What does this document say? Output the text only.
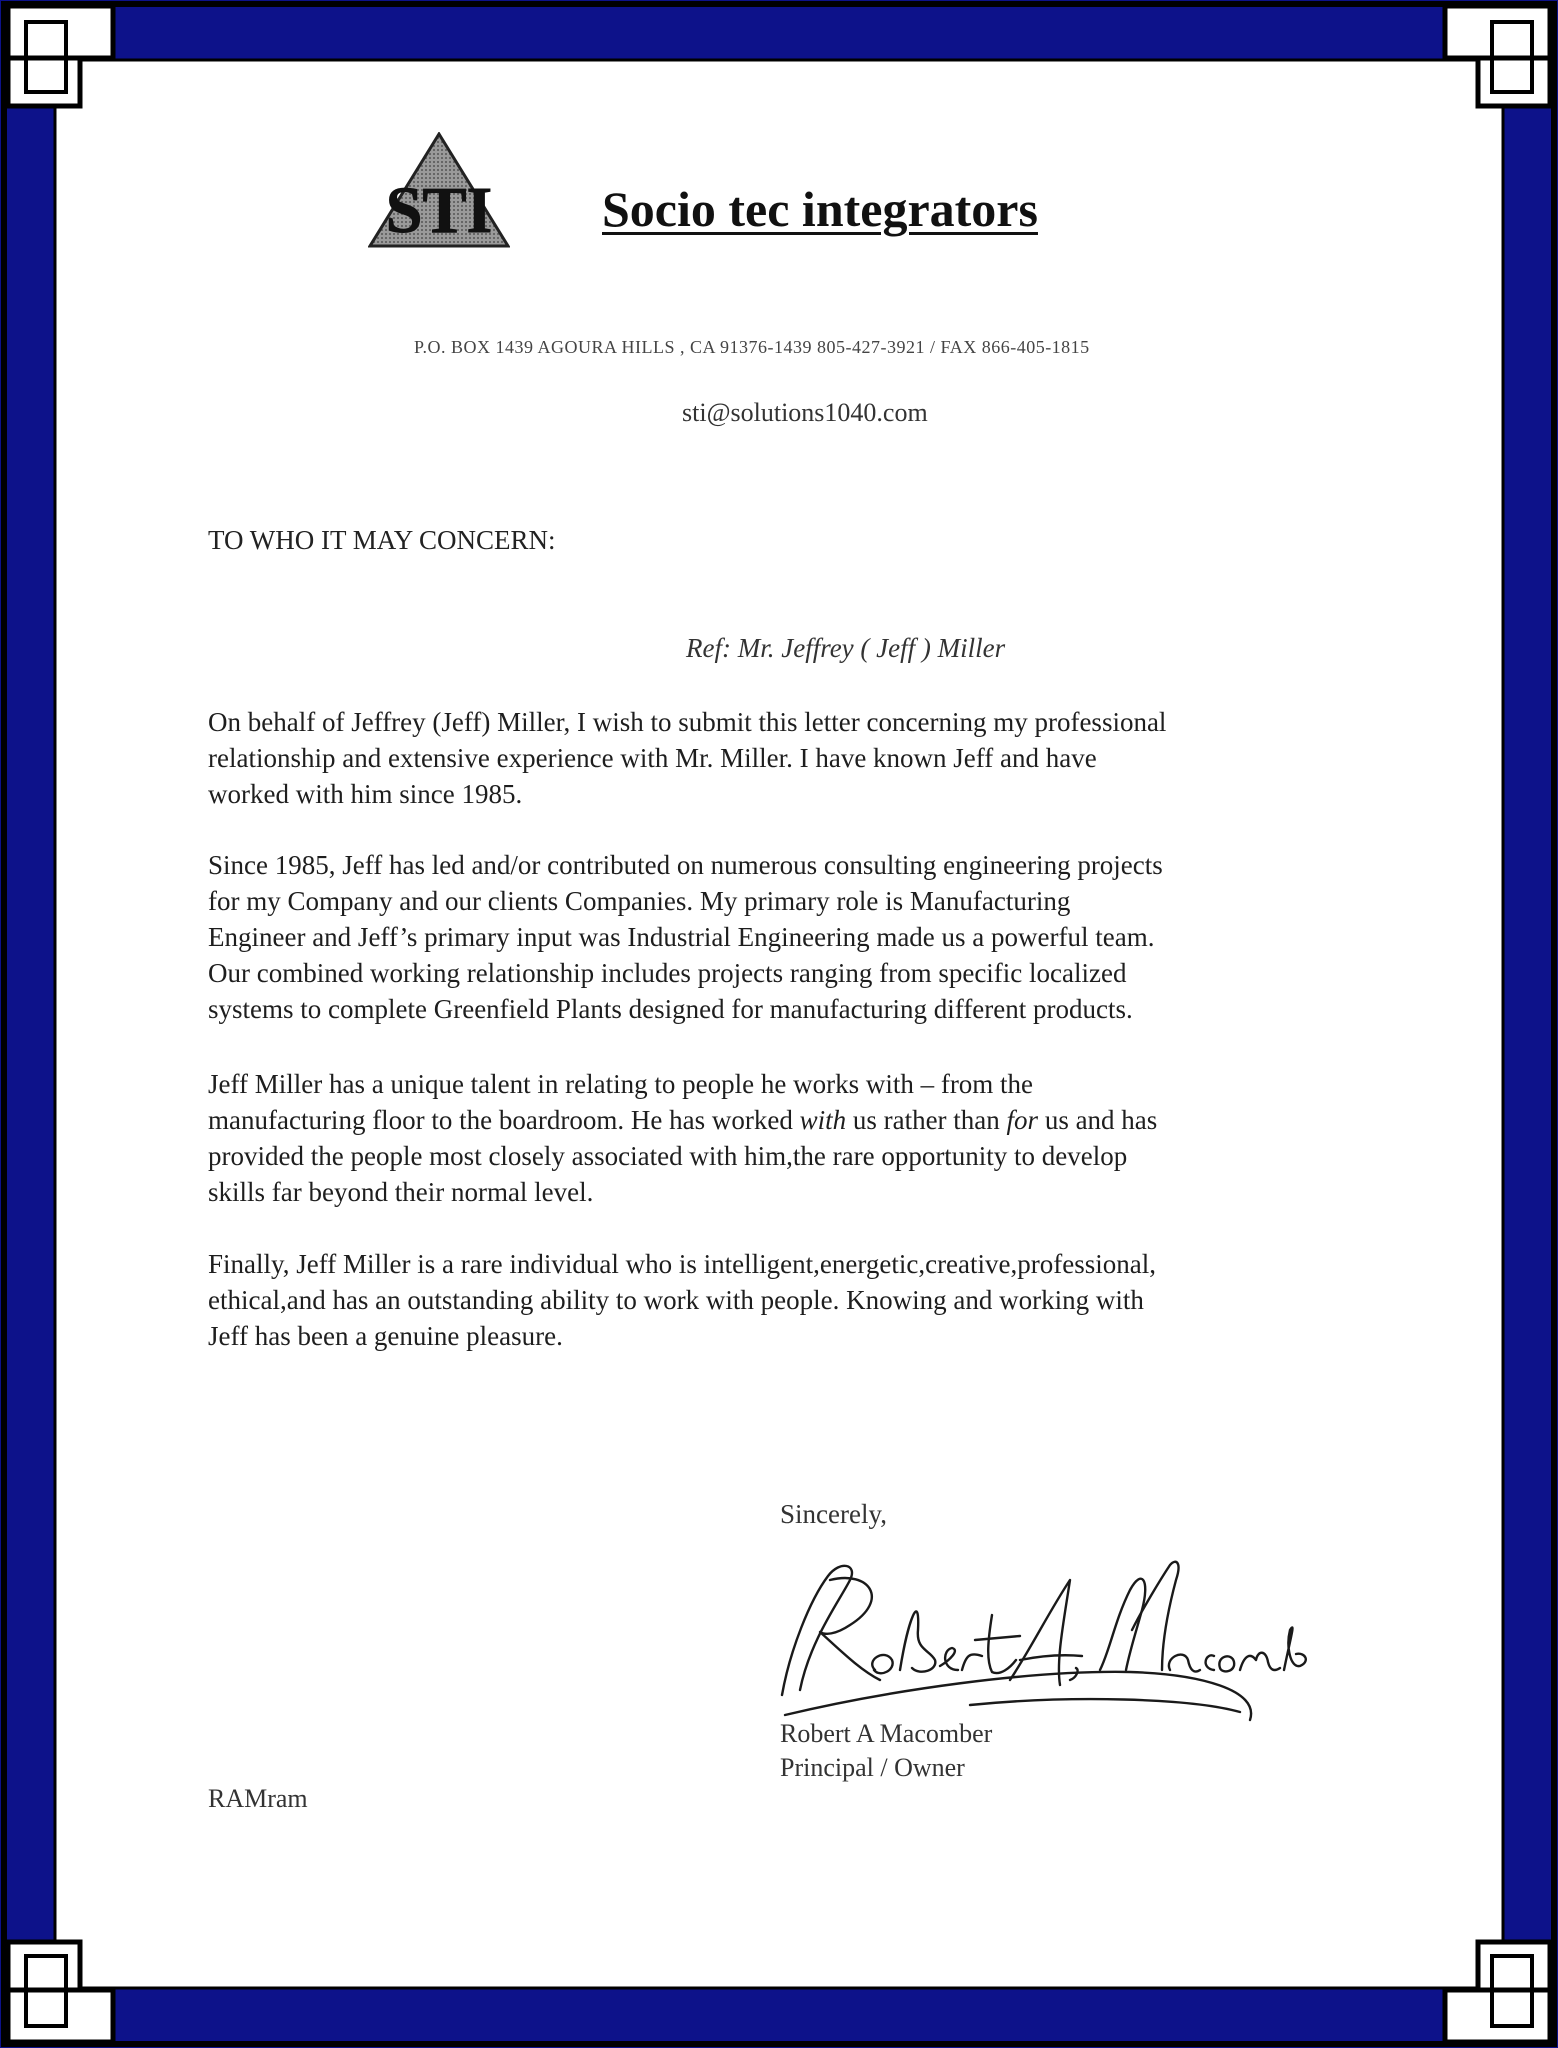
STI Socio tec integrators
P.O. BOX 1439 AGOURA HILLS , CA 91376-1439 805-427-3921 / FAX 866-405-1815
sti@solutions1040.com
TO WHO IT MAY CONCERN:
Ref: Mr. Jeffrey ( Jeff ) Miller
On behalf of Jeffrey (Jeff) Miller, I wish to submit this letter concerning my professional
relationship and extensive experience with Mr. Miller. I have known Jeff and have
worked with him since 1985.
Since 1985, Jeff has led and/or contributed on numerous consulting engineering projects
for my Company and our clients Companies. My primary role is Manufacturing
Engineer and Jeff’s primary input was Industrial Engineering made us a powerful team.
Our combined working relationship includes projects ranging from specific localized
systems to complete Greenfield Plants designed for manufacturing different products.
Jeff Miller has a unique talent in relating to people he works with – from the
manufacturing floor to the boardroom. He has worked with us rather than for us and has
provided the people most closely associated with him,the rare opportunity to develop
skills far beyond their normal level.
Finally, Jeff Miller is a rare individual who is intelligent,energetic,creative,professional,
ethical,and has an outstanding ability to work with people. Knowing and working with
Jeff has been a genuine pleasure.
Sincerely,
Robert A Macomber
Principal / Owner
RAMram
